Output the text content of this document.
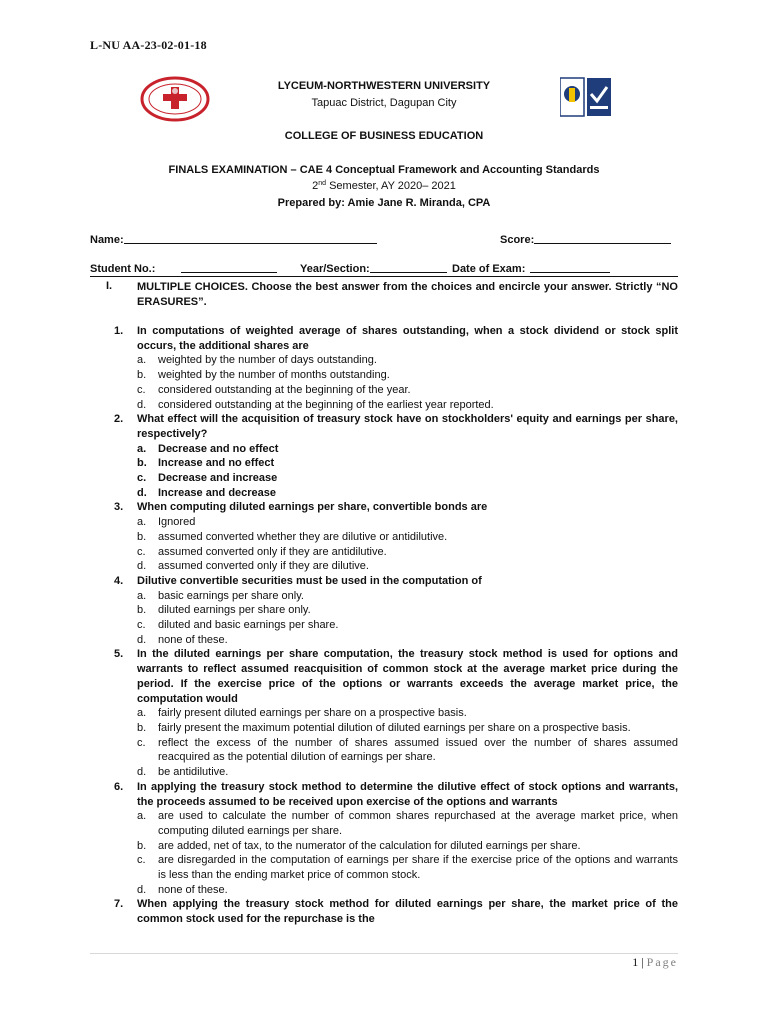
L-NU AA-23-02-01-18
LYCEUM-NORTHWESTERN UNIVERSITY
Tapuac District, Dagupan City
COLLEGE OF BUSINESS EDUCATION
FINALS EXAMINATION – CAE 4 Conceptual Framework and Accounting Standards
2nd Semester, AY 2020– 2021
Prepared by: Amie Jane R. Miranda, CPA
Name:	Score:
Student No.:	Year/Section:	Date of Exam:
I. MULTIPLE CHOICES. Choose the best answer from the choices and encircle your answer. Strictly “NO ERASURES”.
1. In computations of weighted average of shares outstanding, when a stock dividend or stock split occurs, the additional shares are
a. weighted by the number of days outstanding.
b. weighted by the number of months outstanding.
c. considered outstanding at the beginning of the year.
d. considered outstanding at the beginning of the earliest year reported.
2. What effect will the acquisition of treasury stock have on stockholders' equity and earnings per share, respectively?
a. Decrease and no effect
b. Increase and no effect
c. Decrease and increase
d. Increase and decrease
3. When computing diluted earnings per share, convertible bonds are
a. Ignored
b. assumed converted whether they are dilutive or antidilutive.
c. assumed converted only if they are antidilutive.
d. assumed converted only if they are dilutive.
4. Dilutive convertible securities must be used in the computation of
a. basic earnings per share only.
b. diluted earnings per share only.
c. diluted and basic earnings per share.
d. none of these.
5. In the diluted earnings per share computation, the treasury stock method is used for options and warrants to reflect assumed reacquisition of common stock at the average market price during the period. If the exercise price of the options or warrants exceeds the average market price, the computation would
a. fairly present diluted earnings per share on a prospective basis.
b. fairly present the maximum potential dilution of diluted earnings per share on a prospective basis.
c. reflect the excess of the number of shares assumed issued over the number of shares assumed reacquired as the potential dilution of earnings per share.
d. be antidilutive.
6. In applying the treasury stock method to determine the dilutive effect of stock options and warrants, the proceeds assumed to be received upon exercise of the options and warrants
a. are used to calculate the number of common shares repurchased at the average market price, when computing diluted earnings per share.
b. are added, net of tax, to the numerator of the calculation for diluted earnings per share.
c. are disregarded in the computation of earnings per share if the exercise price of the options and warrants is less than the ending market price of common stock.
d. none of these.
7. When applying the treasury stock method for diluted earnings per share, the market price of the common stock used for the repurchase is the
1 | Page
